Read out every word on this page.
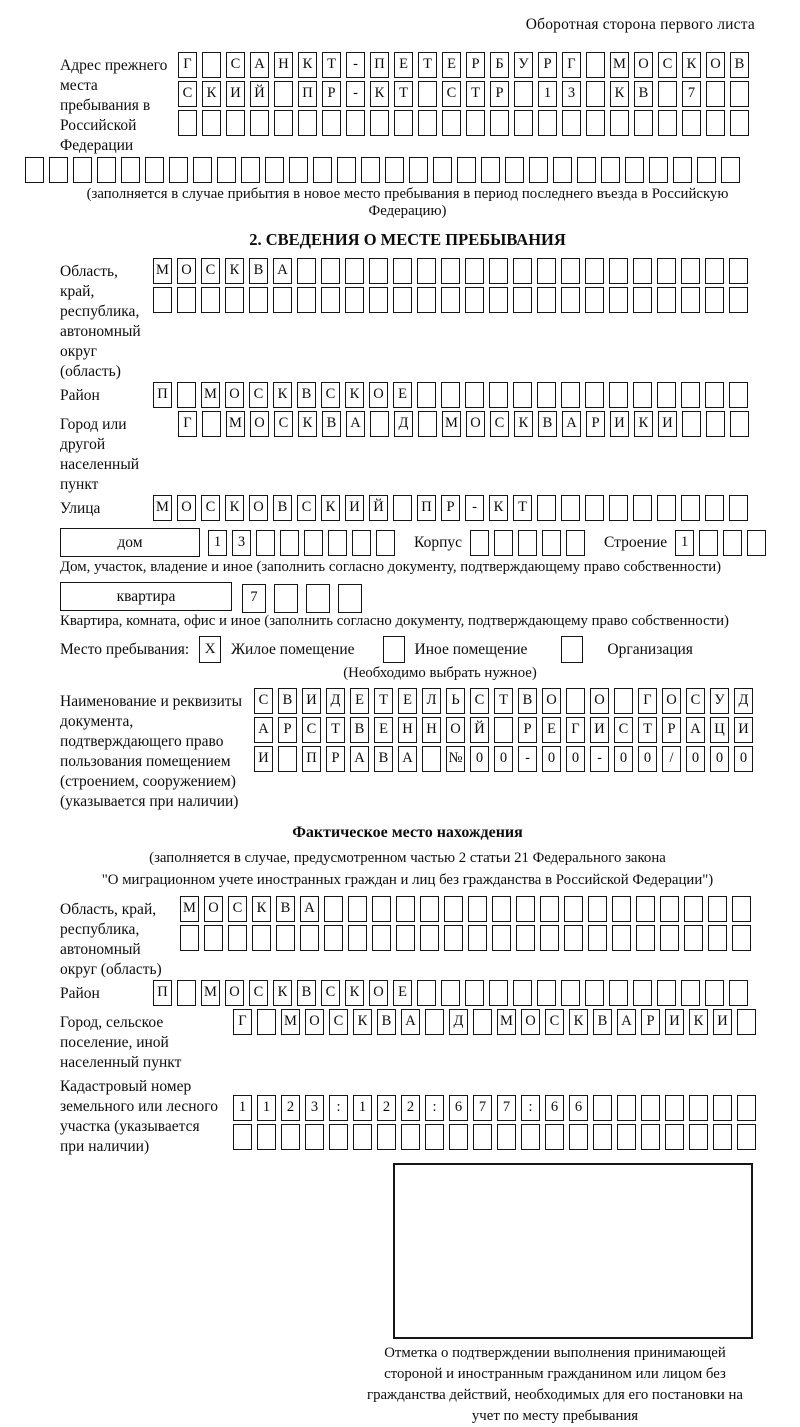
Оборотная сторона первого листа
Адрес прежнего места пребывания в Российской Федерации
Г	С А Н К Т - П Е Т Е Р Б У Р Г	М О С К О В
С К И Й	П Р - К Т	С Т Р	1 3	К В	7
(заполняется в случае прибытия в новое место пребывания в период последнего въезда в Российскую Федерацию)
2. СВЕДЕНИЯ О МЕСТЕ ПРЕБЫВАНИЯ
Область, край, республика, автономный округ (область)
М О С К В А
Район	П	М О С К В С К О Е
Город или другой населенный пункт
Г	М О С К В А	Д	М О С К В А Р И К И
Улица	М О С К О В С К И Й	П Р - К Т
дом	1 3	Корпус	Строение 1
Дом, участок, владение и иное (заполнить согласно документу, подтверждающему право собственности)
квартира	7
Квартира, комната, офис и иное (заполнить согласно документу, подтверждающему право собственности)
Место пребывания:	X	Жилое помещение	Иное помещение	Организация
(Необходимо выбрать нужное)
Наименование и реквизиты документа, подтверждающего право пользования помещением (строением, сооружением) (указывается при наличии)
С В И Д Е Т Е Л Ь С Т В О	О	Г О С У Д
А Р С Т В Е Н Н О Й	Р Е Г И С Т Р А Ц И
И	П Р А В А № 0 0 - 0 0 - 0 0 / 0 0 0
Фактическое место нахождения
(заполняется в случае, предусмотренном частью 2 статьи 21 Федерального закона
"О миграционном учете иностранных граждан и лиц без гражданства в Российской Федерации")
Область, край, республика, автономный округ (область)
М О С К В А
Район	П	М О С К В С К О Е
Город, сельское поселение, иной населенный пункт
Г	М О С К В А	Д	М О С К В А Р И К И
Кадастровый номер земельного или лесного участка (указывается при наличии)
1 1 2 3 : 1 2 2 : 6 7 7 : 6 6
Отметка о подтверждении выполнения принимающей стороной и иностранным гражданином или лицом без гражданства действий, необходимых для его постановки на учет по месту пребывания
